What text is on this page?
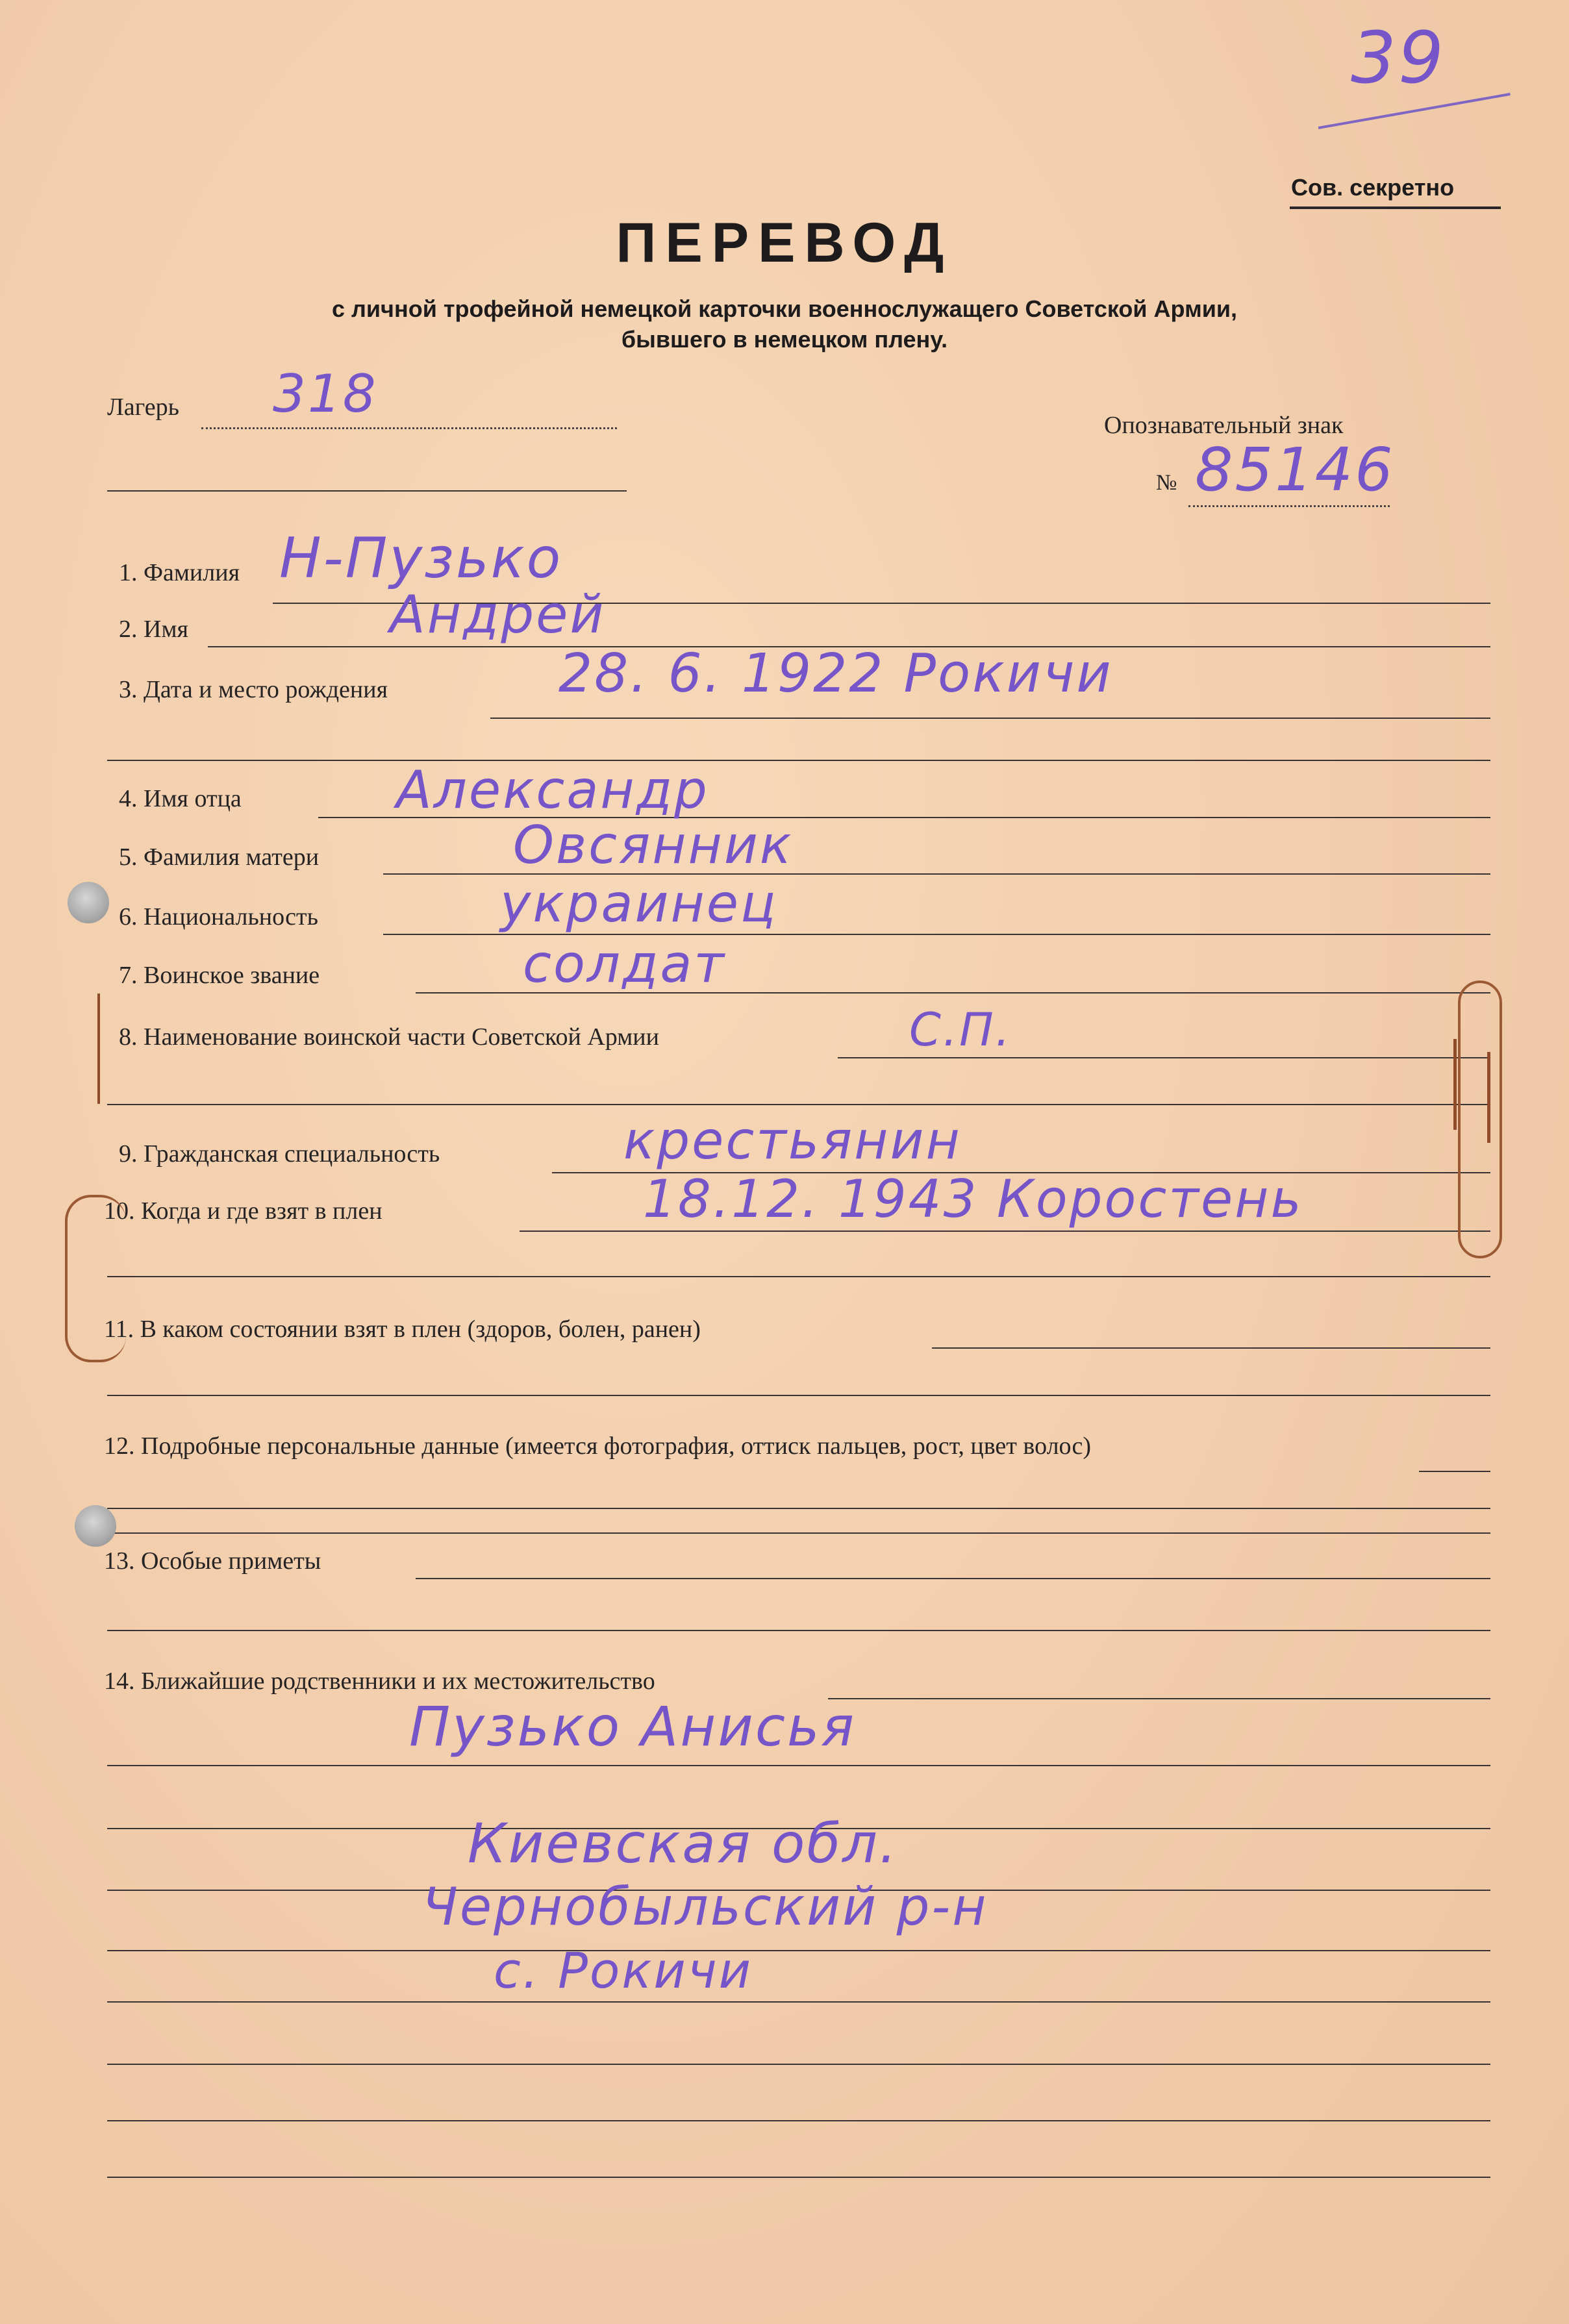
39
Сов. секретно
ПЕРЕВОД
с личной трофейной немецкой карточки военнослужащего Советской Армии,
бывшего в немецком плену.
Лагерь 318
Опознавательный знак
№ 85146
1. Фамилия Н-Пузько
2. Имя	Андрей
3. Дата и место рождения	28. 6. 1922 Рокичи
4. Имя отца	Александр
5. Фамилия матери	Овсянник
6. Национальность	украинец
7. Воинское звание	солдат
8. Наименование воинской части Советской Армии	С.П.
9. Гражданская специальность	крестьянин
10. Когда и где взят в плен	18.12. 1943 Коростень
11. В каком состоянии взят в плен (здоров, болен, ранен)
12. Подробные персональные данные (имеется фотография, оттиск пальцев, рост, цвет волос)
13. Особые приметы
14. Ближайшие родственники и их местожительство
Пузько Анисья
Киевская обл.
Чернобыльский р-н
с. Рокичи
